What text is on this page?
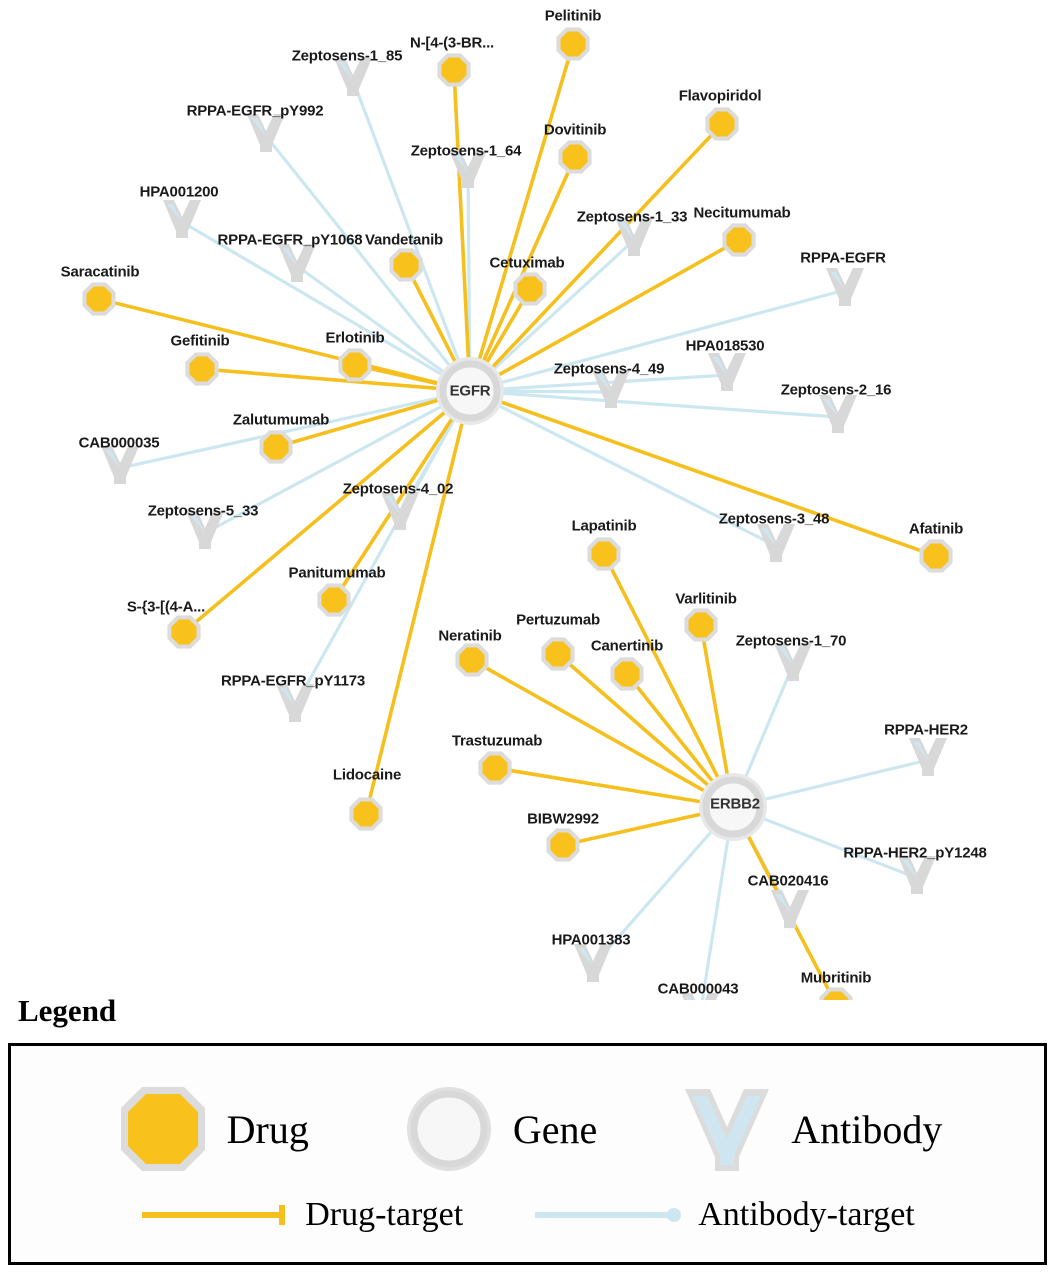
Zeptosens-1_85
RPPA-EGFR_pY992
Zeptosens-1_64
HPA001200
Zeptosens-1_33
RPPA-EGFR_pY1068
RPPA-EGFR
HPA018530
Zeptosens-4_49
Zeptosens-2_16
CAB000035
Zeptosens-4_02
Zeptosens-5_33	Zeptosens-3_48
RPPA-EGFR_pY1173
Zeptosens-1_70
RPPA-HER2
RPPA-HER2_pY1248
CAB020416
HPA001383
CAB000043
Pelitinib
N-[4-(3-BR...
Flavopiridol
Dovitinib
Necitumumab
Vandetanib
Cetuximab
Saracatinib
Gefitinib	Erlotinib
Zalutumumab
Panitumumab
S-{3-[(4-A...
Afatinib
Lapatinib
Varlitinib
Pertuzumab
Neratinib
Canertinib
Trastuzumab
Lidocaine
BIBW2992
Mubritinib
EGFR
ERBB2
Legend
Drug	Gene	Antibody
Drug-target	Antibody-target
